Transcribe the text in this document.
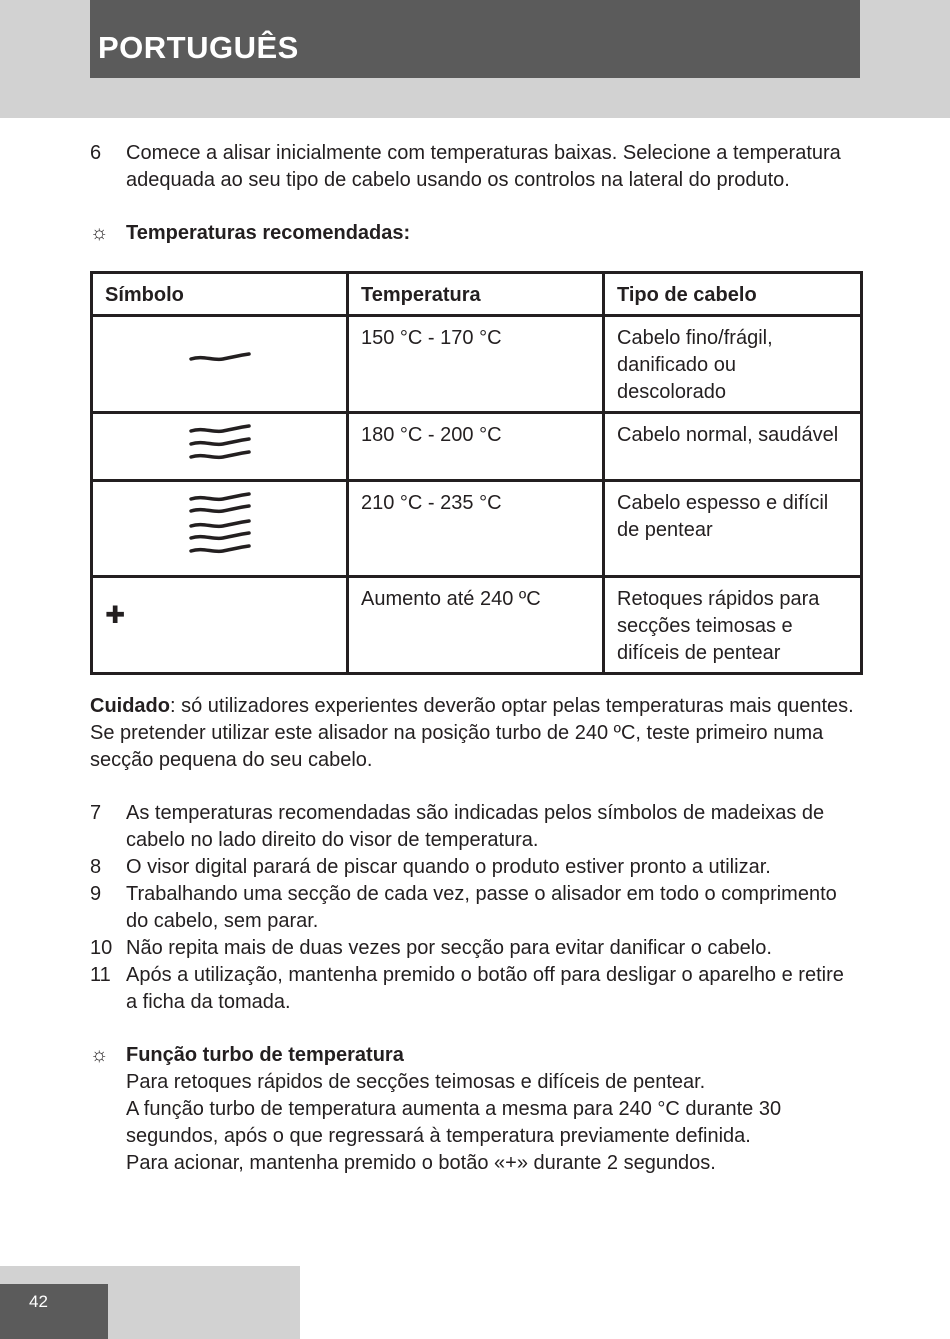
PORTUGUÊS
6	Comece a alisar inicialmente com temperaturas baixas. Selecione a temperatura adequada ao seu tipo de cabelo usando os controlos na lateral do produto.
☼ Temperaturas recomendadas:
Símbolo	Temperatura	Tipo de cabelo

	150 °C - 170 °C	Cabelo fino/frágil, danificado ou descolorado

	180 °C - 200 °C	Cabelo normal, saudável

	210 °C - 235 °C	Cabelo espesso e difícil de pentear
✚	Aumento até 240 ºC	Retoques rápidos para secções teimosas e difíceis de pentear
Cuidado: só utilizadores experientes deverão optar pelas temperaturas mais quentes.
Se pretender utilizar este alisador na posição turbo de 240 ºC, teste primeiro numa secção pequena do seu cabelo.
7	As temperaturas recomendadas são indicadas pelos símbolos de madeixas de cabelo no lado direito do visor de temperatura.
8	O visor digital parará de piscar quando o produto estiver pronto a utilizar.
9	Trabalhando uma secção de cada vez, passe o alisador em todo o comprimento do cabelo, sem parar.
10 Não repita mais de duas vezes por secção para evitar danificar o cabelo.
11 Após a utilização, mantenha premido o botão off para desligar o aparelho e retire a ficha da tomada.
☼ Função turbo de temperatura
Para retoques rápidos de secções teimosas e difíceis de pentear.
A função turbo de temperatura aumenta a mesma para 240 °C durante 30 segundos, após o que regressará à temperatura previamente definida.
Para acionar, mantenha premido o botão «+» durante 2 segundos.
42
